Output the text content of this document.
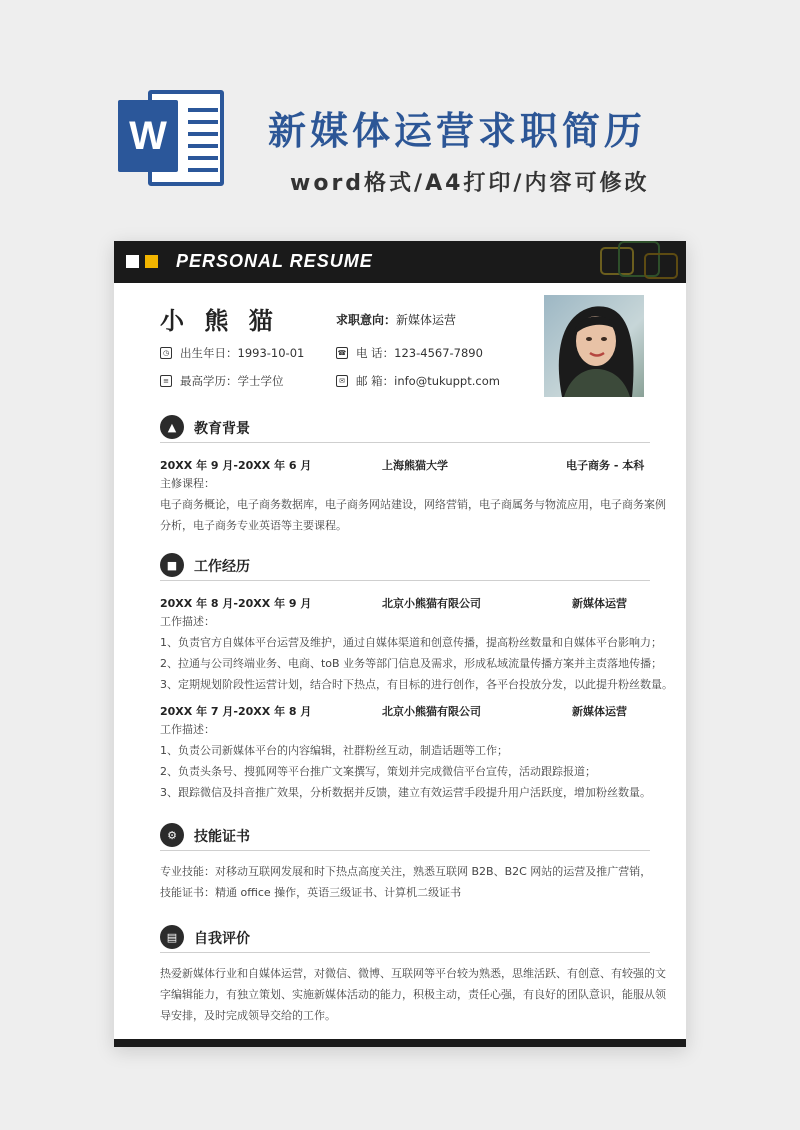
W	新媒体运营求职简历
word格式/A4打印/内容可修改
PERSONAL RESUME
小 熊 猫	求职意向：新媒体运营
◷ 出生年日：1993-10-01	☎ 电 话：123-4567-7890
≡ 最高学历：学士学位	✉ 邮 箱：info@tukuppt.com
▲	教育背景
20XX 年 9 月-20XX 年 6 月	上海熊猫大学	电子商务 - 本科
主修课程：
电子商务概论，电子商务数据库，电子商务网站建设，网络营销，电子商属务与物流应用，电子商务案例
分析，电子商务专业英语等主要课程。
■	工作经历
20XX 年 8 月-20XX 年 9 月	北京小熊猫有限公司	新媒体运营
工作描述：
1、负责官方自媒体平台运营及维护，通过自媒体渠道和创意传播，提高粉丝数量和自媒体平台影响力；
2、拉通与公司终端业务、电商、toB 业务等部门信息及需求，形成私域流量传播方案并主责落地传播；
3、定期规划阶段性运营计划，结合时下热点，有目标的进行创作，各平台投放分发，以此提升粉丝数量。
20XX 年 7 月-20XX 年 8 月	北京小熊猫有限公司	新媒体运营
工作描述：
1、负责公司新媒体平台的内容编辑，社群粉丝互动，制造话题等工作；
2、负责头条号、搜狐网等平台推广文案撰写，策划并完成微信平台宣传，活动跟踪报道；
3、跟踪微信及抖音推广效果，分析数据并反馈，建立有效运营手段提升用户活跃度，增加粉丝数量。
⚙	技能证书
专业技能：对移动互联网发展和时下热点高度关注，熟悉互联网 B2B、B2C 网站的运营及推广营销，
技能证书：精通 office 操作，英语三级证书、计算机二级证书
▤	自我评价
热爱新媒体行业和自媒体运营，对微信、微博、互联网等平台较为熟悉，思维活跃、有创意、有较强的文
字编辑能力，有独立策划、实施新媒体活动的能力，积极主动，责任心强，有良好的团队意识，能服从领
导安排，及时完成领导交给的工作。
